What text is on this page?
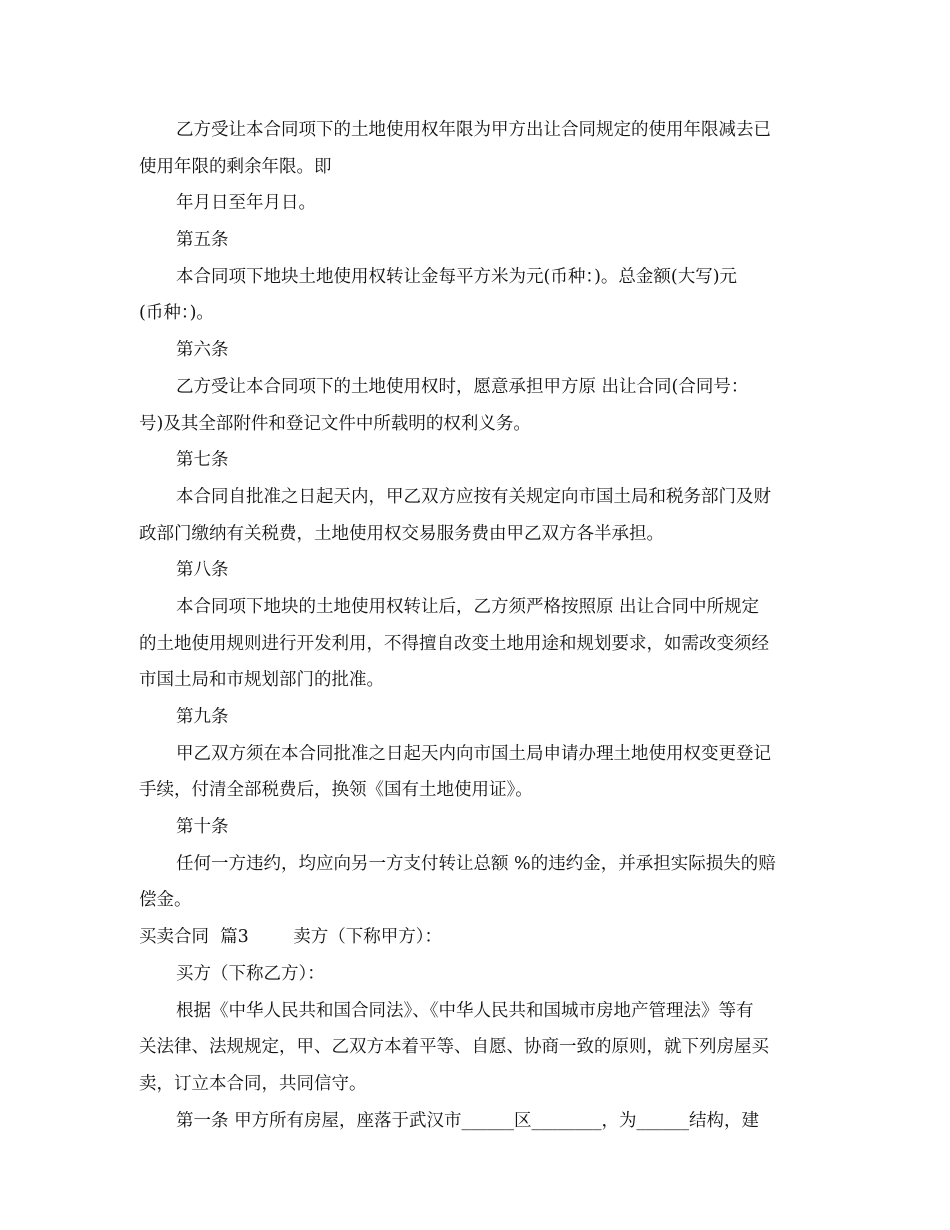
乙方受让本合同项下的土地使用权年限为甲方出让合同规定的使用年限减去已
使用年限的剩余年限。即
年月日至年月日。
第五条
本合同项下地块土地使用权转让金每平方米为元(币种：)。总金额(大写)元
(币种：)。
第六条
乙方受让本合同项下的土地使用权时，愿意承担甲方原 出让合同(合同号：
号)及其全部附件和登记文件中所载明的权利义务。
第七条
本合同自批准之日起天内，甲乙双方应按有关规定向市国土局和税务部门及财
政部门缴纳有关税费，土地使用权交易服务费由甲乙双方各半承担。
第八条
本合同项下地块的土地使用权转让后，乙方须严格按照原 出让合同中所规定
的土地使用规则进行开发利用，不得擅自改变土地用途和规划要求，如需改变须经
市国土局和市规划部门的批准。
第九条
甲乙双方须在本合同批准之日起天内向市国土局申请办理土地使用权变更登记
手续，付清全部税费后，换领《国有土地使用证》。
第十条
任何一方违约，均应向另一方支付转让总额 %的违约金，并承担实际损失的赔
偿金。
买卖合同  篇3        卖方（下称甲方）：
买方（下称乙方）：
根据《中华人民共和国合同法》、《中华人民共和国城市房地产管理法》等有
关法律、法规规定，甲、乙双方本着平等、自愿、协商一致的原则，就下列房屋买
卖，订立本合同，共同信守。
第一条 甲方所有房屋，座落于武汉市______区________，为______结构，建
